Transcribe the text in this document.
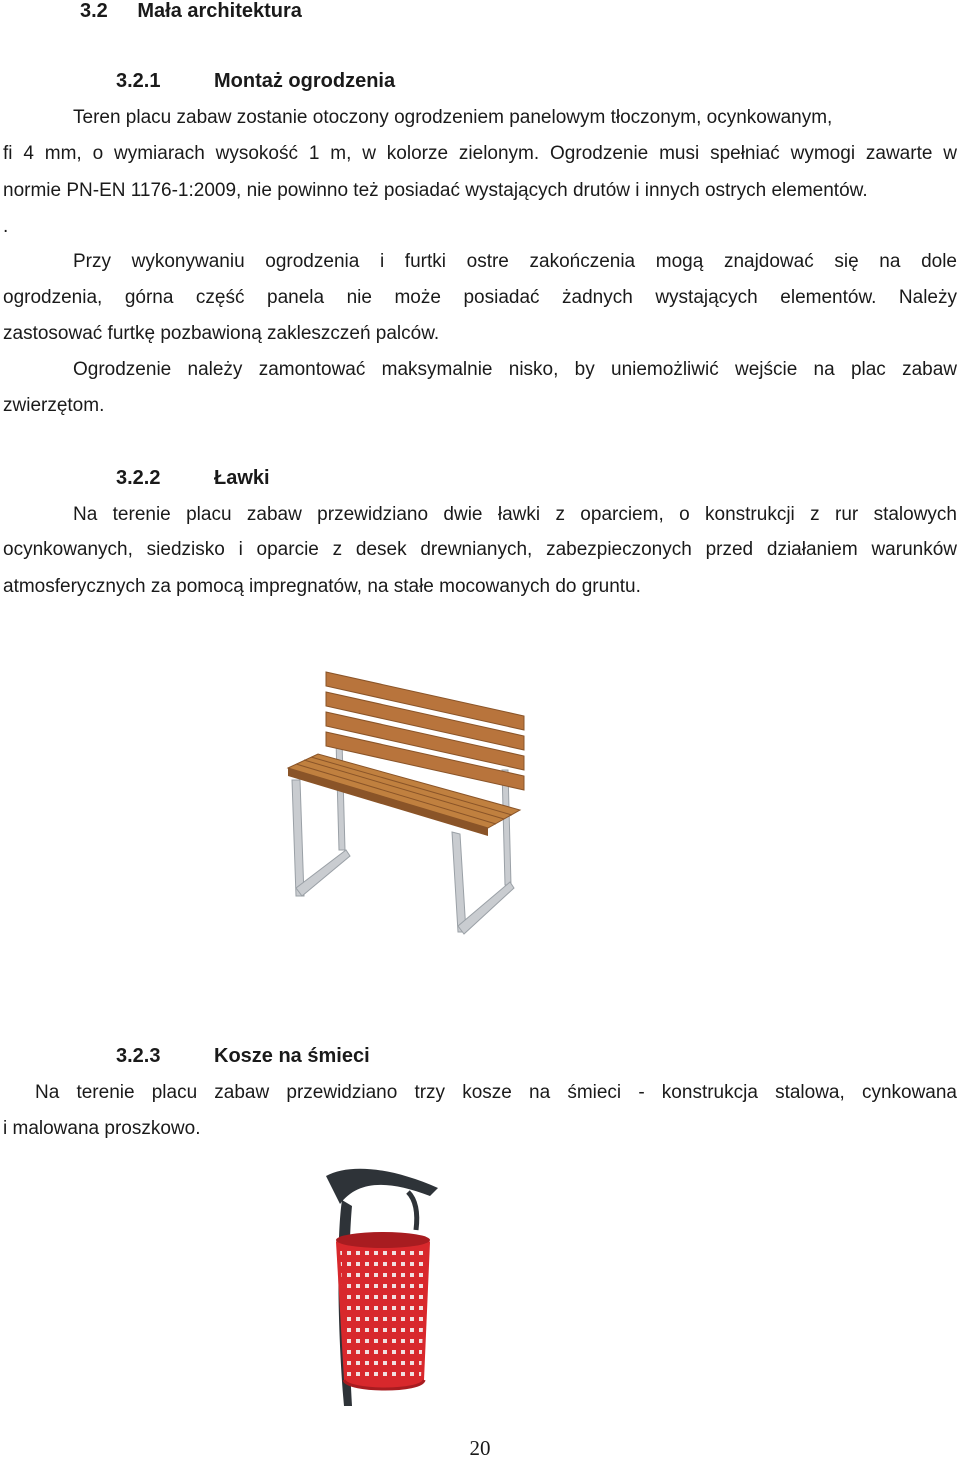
3.2 Mała architektura
3.2.1	Montaż ogrodzenia
Teren placu zabaw zostanie otoczony ogrodzeniem panelowym tłoczonym, ocynkowanym,
fi 4 mm, o wymiarach wysokość 1 m, w kolorze zielonym. Ogrodzenie musi spełniać wymogi zawarte w
normie PN-EN 1176-1:2009, nie powinno też posiadać wystających drutów i innych ostrych elementów.
.
Przy wykonywaniu ogrodzenia i furtki ostre zakończenia mogą znajdować się na dole
ogrodzenia, górna część panela nie może posiadać żadnych wystających elementów. Należy
zastosować furtkę pozbawioną zakleszczeń palców.
Ogrodzenie należy zamontować maksymalnie nisko, by uniemożliwić wejście na plac zabaw
zwierzętom.
3.2.2	Ławki
Na terenie placu zabaw przewidziano dwie ławki z oparciem, o konstrukcji z rur stalowych
ocynkowanych, siedzisko i oparcie z desek drewnianych, zabezpieczonych przed działaniem warunków
atmosferycznych za pomocą impregnatów, na stałe mocowanych do gruntu.
3.2.3	Kosze na śmieci
Na terenie placu zabaw przewidziano trzy kosze na śmieci - konstrukcja stalowa, cynkowana
i malowana proszkowo.
20
